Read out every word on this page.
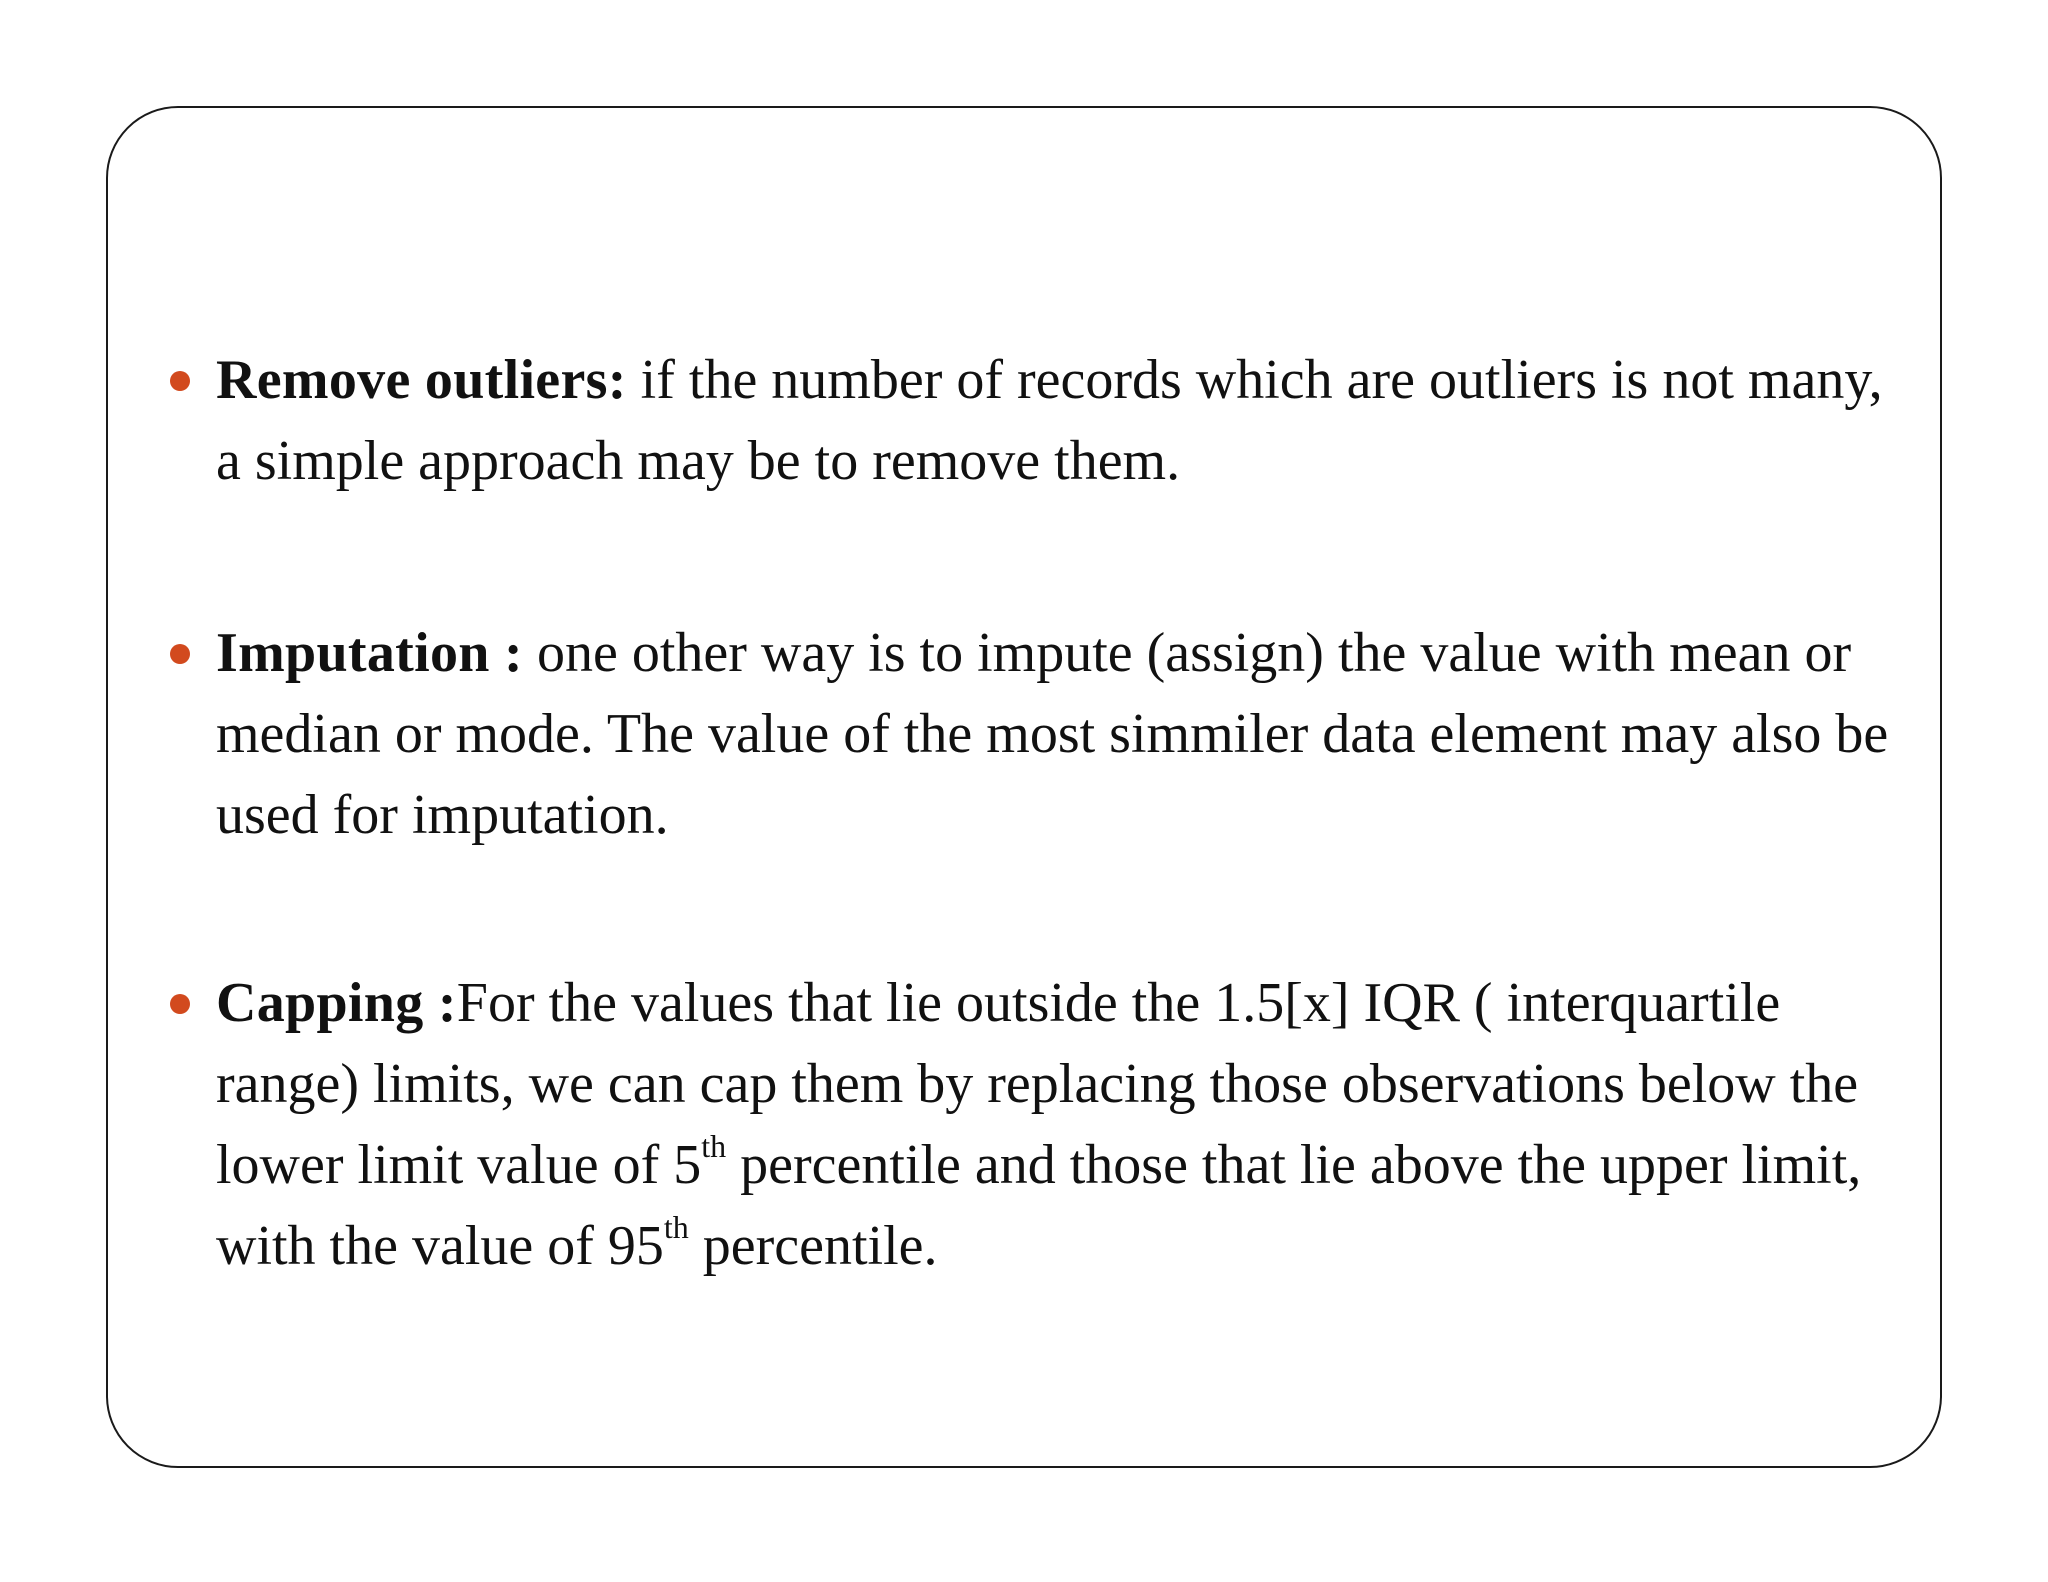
Remove outliers: if the number of records which are outliers is not many, a simple approach may be to remove them.
Imputation : one other way is to impute (assign) the value with mean or median or mode. The value of the most simmiler data element may also be used for imputation.
Capping :For the values that lie outside the 1.5[x] IQR ( interquartile range) limits, we can cap them by replacing those observations below the lower limit value of 5th percentile and those that lie above the upper limit, with the value of 95th percentile.
